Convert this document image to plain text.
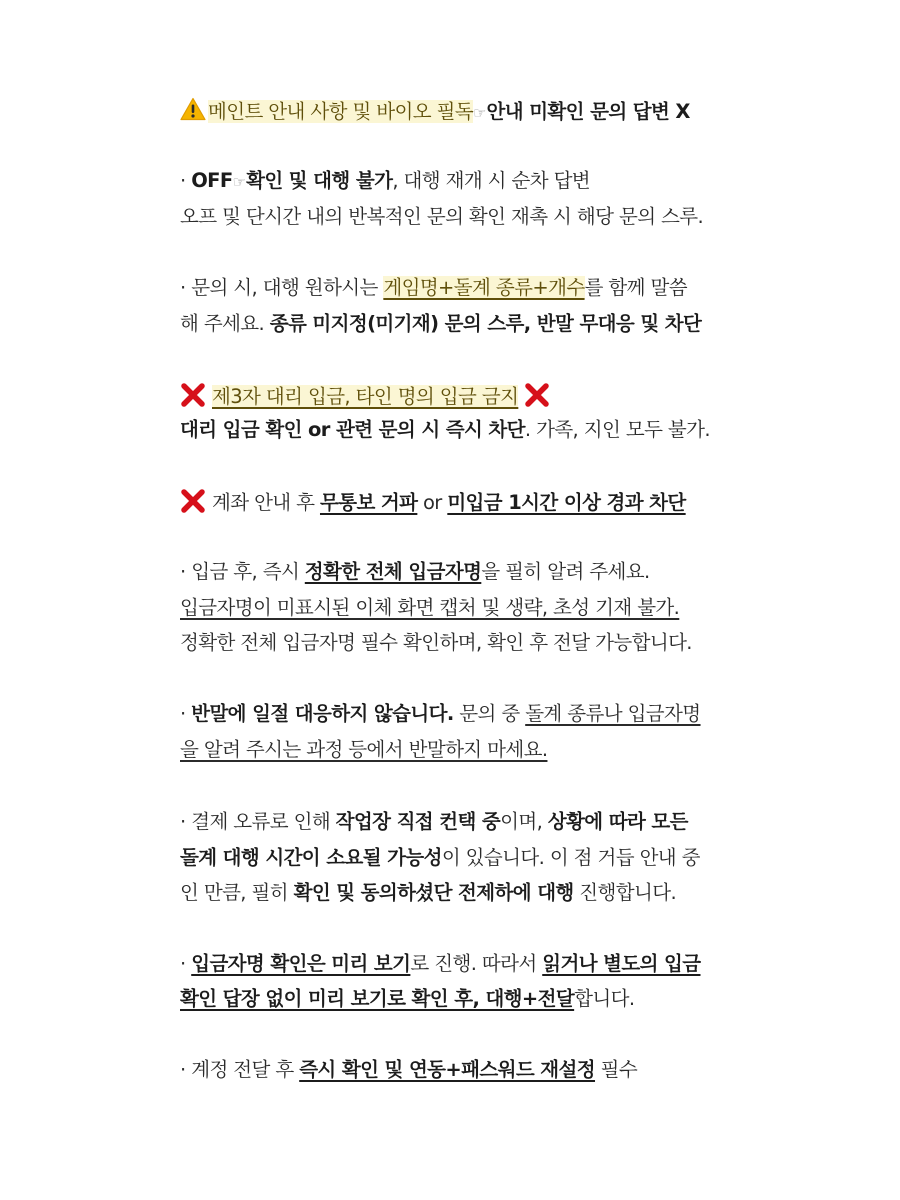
메인트 안내 사항 및 바이오 필독☞안내 미확인 문의 답변 X
· OFF☞확인 및 대행 불가, 대행 재개 시 순차 답변
오프 및 단시간 내의 반복적인 문의 확인 재촉 시 해당 문의 스루.
· 문의 시, 대행 원하시는 게임명+돌계 종류+개수를 함께 말씀
해 주세요. 종류 미지정(미기재) 문의 스루, 반말 무대응 및 차단
제3자 대리 입금, 타인 명의 입금 금지
대리 입금 확인 or 관련 문의 시 즉시 차단. 가족, 지인 모두 불가.
계좌 안내 후 무통보 거파 or 미입금 1시간 이상 경과 차단
· 입금 후, 즉시 정확한 전체 입금자명을 필히 알려 주세요.
입금자명이 미표시된 이체 화면 캡처 및 생략, 초성 기재 불가.
정확한 전체 입금자명 필수 확인하며, 확인 후 전달 가능합니다.
· 반말에 일절 대응하지 않습니다. 문의 중 돌계 종류나 입금자명
을 알려 주시는 과정 등에서 반말하지 마세요.
· 결제 오류로 인해 작업장 직접 컨택 중이며, 상황에 따라 모든
돌계 대행 시간이 소요될 가능성이 있습니다. 이 점 거듭 안내 중
인 만큼, 필히 확인 및 동의하셨단 전제하에 대행 진행합니다.
· 입금자명 확인은 미리 보기로 진행. 따라서 읽거나 별도의 입금
확인 답장 없이 미리 보기로 확인 후, 대행+전달합니다.
· 계정 전달 후 즉시 확인 및 연동+패스워드 재설정 필수
